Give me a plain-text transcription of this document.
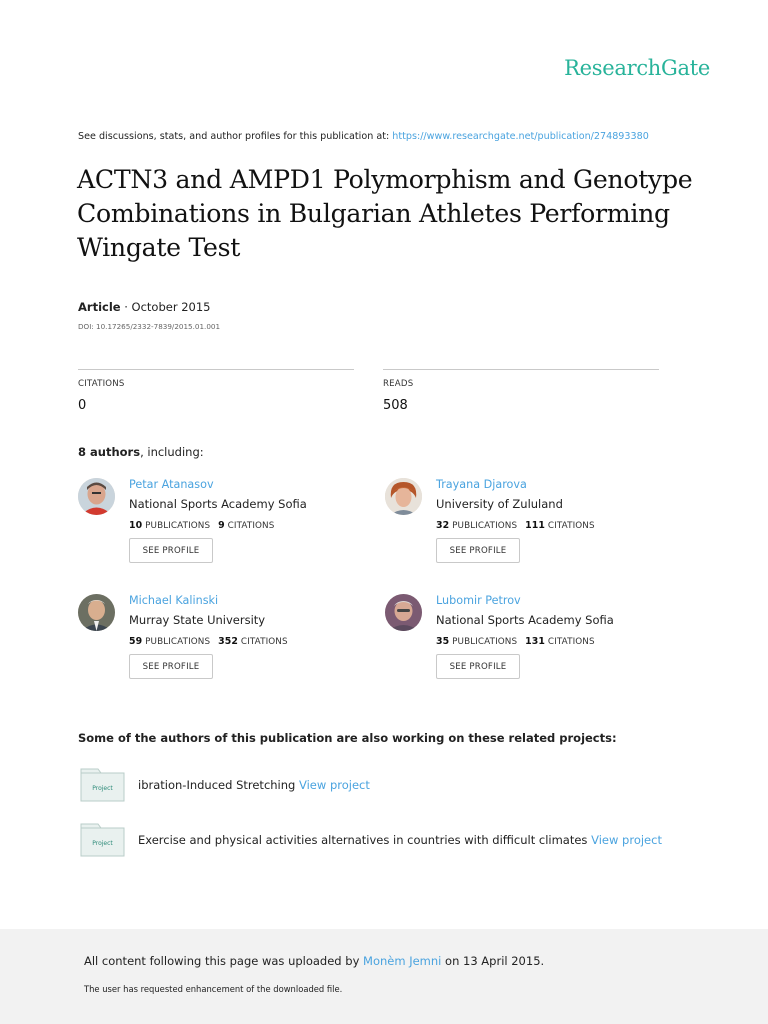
ResearchGate
See discussions, stats, and author profiles for this publication at: https://www.researchgate.net/publication/274893380
ACTN3 and AMPD1 Polymorphism and Genotype Combinations in Bulgarian Athletes Performing Wingate Test
Article · October 2015
DOI: 10.17265/2332-7839/2015.01.001
CITATIONS
0
READS
508
8 authors, including:
Petar Atanasov
National Sports Academy Sofia
10 PUBLICATIONS 9 CITATIONS
SEE PROFILE
Trayana Djarova
University of Zululand
32 PUBLICATIONS 111 CITATIONS
SEE PROFILE
Michael Kalinski
Murray State University
59 PUBLICATIONS 352 CITATIONS
SEE PROFILE
Lubomir Petrov
National Sports Academy Sofia
35 PUBLICATIONS 131 CITATIONS
SEE PROFILE
Some of the authors of this publication are also working on these related projects:
Project ibration-Induced Stretching View project
Project Exercise and physical activities alternatives in countries with difficult climates View project
All content following this page was uploaded by Monèm Jemni on 13 April 2015.
The user has requested enhancement of the downloaded file.
